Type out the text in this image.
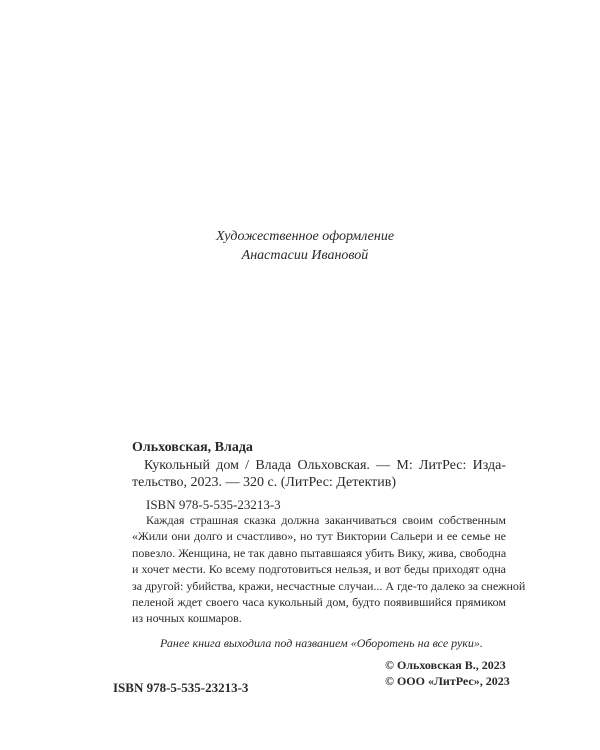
Художественное оформление
Анастасии Ивановой
Ольховская, Влада
Кукольный дом / Влада Ольховская. — М: ЛитРес: Изда-
тельство, 2023. — 320 с. (ЛитРес: Детектив)
ISBN 978-5-535-23213-3
Каждая страшная сказка должна заканчиваться своим собственным
«Жили они долго и счастливо», но тут Виктории Сальери и ее семье не
повезло. Женщина, не так давно пытавшаяся убить Вику, жива, свободна
и хочет мести. Ко всему подготовиться нельзя, и вот беды приходят одна
за другой: убийства, кражи, несчастные случаи... А где-то далеко за снежной
пеленой ждет своего часа кукольный дом, будто появившийся прямиком
из ночных кошмаров.
Ранее книга выходила под названием «Оборотень на все руки».
© Ольховская В., 2023
© ООО «ЛитРес», 2023
ISBN 978-5-535-23213-3
